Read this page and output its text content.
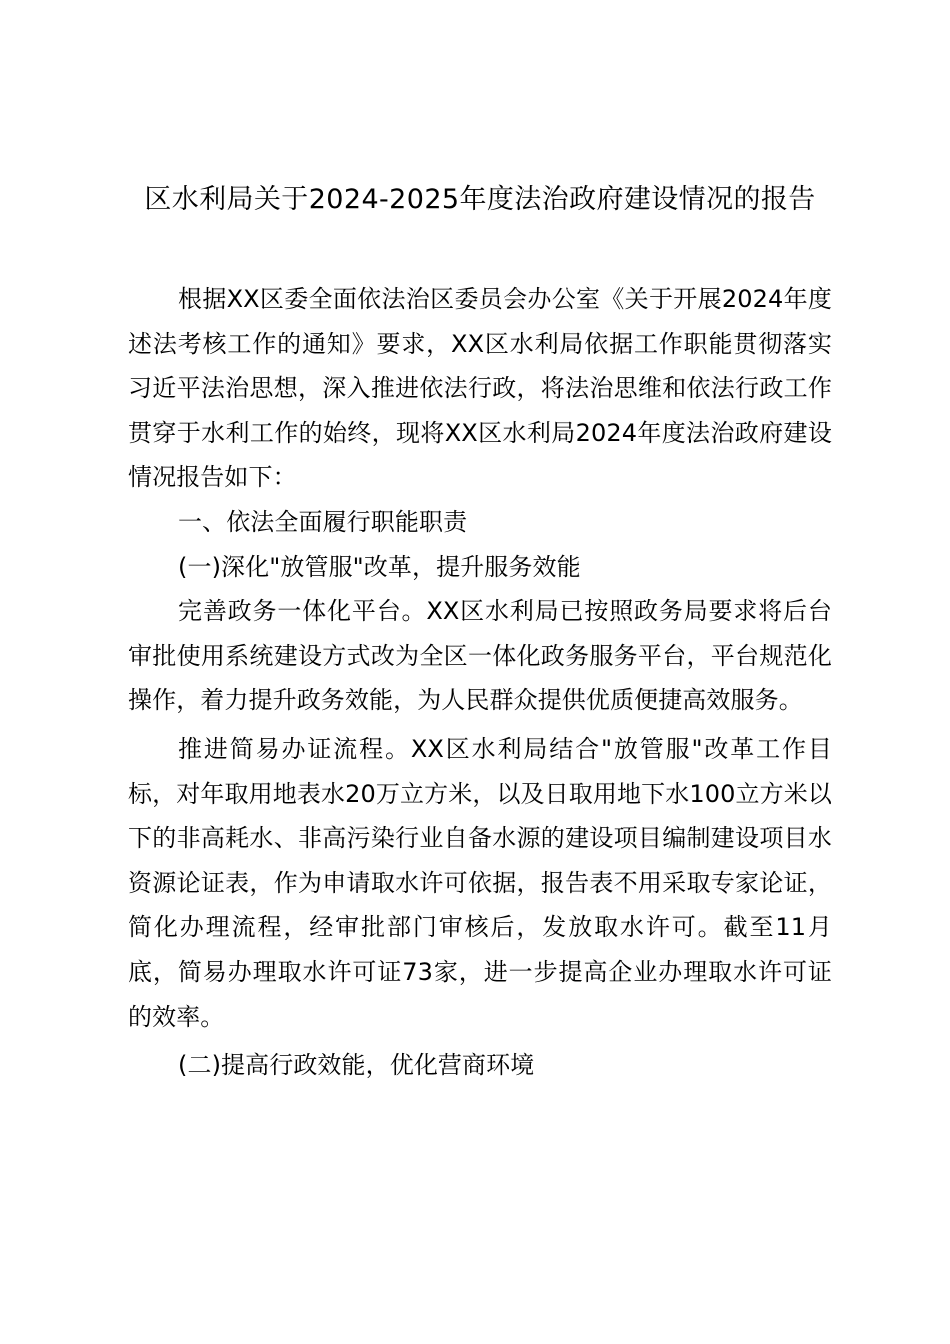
区水利局关于2024-2025年度法治政府建设情况的报告

根据XX区委全面依法治区委员会办公室《关于开展2024年度述法考核工作的通知》要求，XX区水利局依据工作职能贯彻落实习近平法治思想，深入推进依法行政，将法治思维和依法行政工作贯穿于水利工作的始终，现将XX区水利局2024年度法治政府建设情况报告如下：

一、依法全面履行职能职责

(一)深化"放管服"改革，提升服务效能

完善政务一体化平台。XX区水利局已按照政务局要求将后台审批使用系统建设方式改为全区一体化政务服务平台，平台规范化操作，着力提升政务效能，为人民群众提供优质便捷高效服务。

推进简易办证流程。XX区水利局结合"放管服"改革工作目标，对年取用地表水20万立方米，以及日取用地下水100立方米以下的非高耗水、非高污染行业自备水源的建设项目编制建设项目水资源论证表，作为申请取水许可依据，报告表不用采取专家论证，简化办理流程，经审批部门审核后，发放取水许可。截至11月底，简易办理取水许可证73家，进一步提高企业办理取水许可证的效率。

(二)提高行政效能，优化营商环境
